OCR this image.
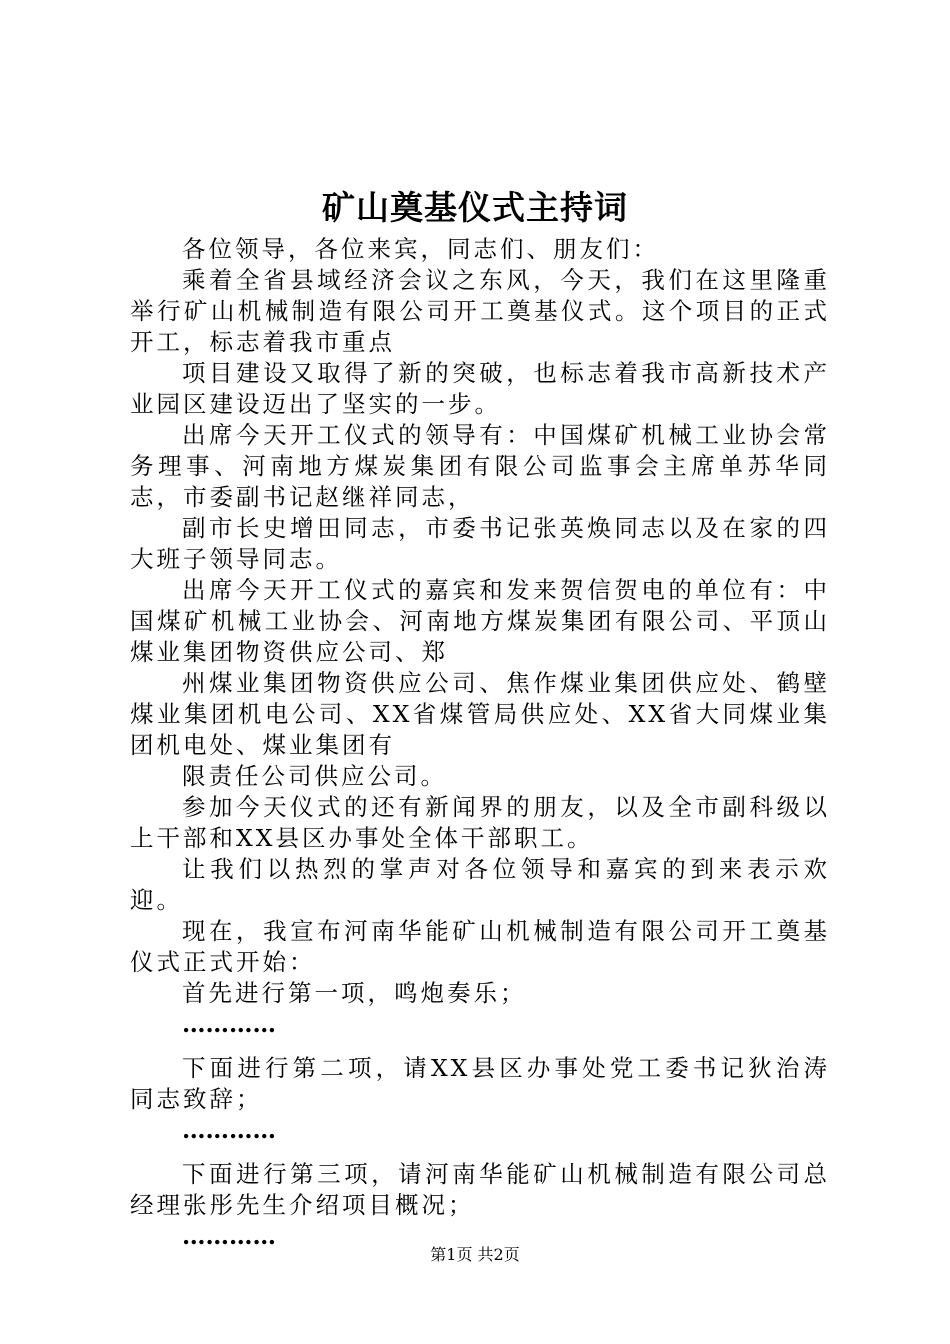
矿山奠基仪式主持词

各位领导，各位来宾，同志们、朋友们：

乘着全省县域经济会议之东风，今天，我们在这里隆重举行矿山机械制造有限公司开工奠基仪式。这个项目的正式开工，标志着我市重点

项目建设又取得了新的突破，也标志着我市高新技术产业园区建设迈出了坚实的一步。

出席今天开工仪式的领导有：中国煤矿机械工业协会常务理事、河南地方煤炭集团有限公司监事会主席单苏华同志，市委副书记赵继祥同志，

副市长史增田同志，市委书记张英焕同志以及在家的四大班子领导同志。

出席今天开工仪式的嘉宾和发来贺信贺电的单位有：中国煤矿机械工业协会、河南地方煤炭集团有限公司、平顶山煤业集团物资供应公司、郑

州煤业集团物资供应公司、焦作煤业集团供应处、鹤壁煤业集团机电公司、XX省煤管局供应处、XX省大同煤业集团机电处、煤业集团有

限责任公司供应公司。

参加今天仪式的还有新闻界的朋友，以及全市副科级以上干部和XX县区办事处全体干部职工。

让我们以热烈的掌声对各位领导和嘉宾的到来表示欢迎。

现在，我宣布河南华能矿山机械制造有限公司开工奠基仪式正式开始：

首先进行第一项，鸣炮奏乐；

…………

下面进行第二项，请XX县区办事处党工委书记狄治涛同志致辞；

…………

下面进行第三项，请河南华能矿山机械制造有限公司总经理张彤先生介绍项目概况；

…………

第1页 共2页
